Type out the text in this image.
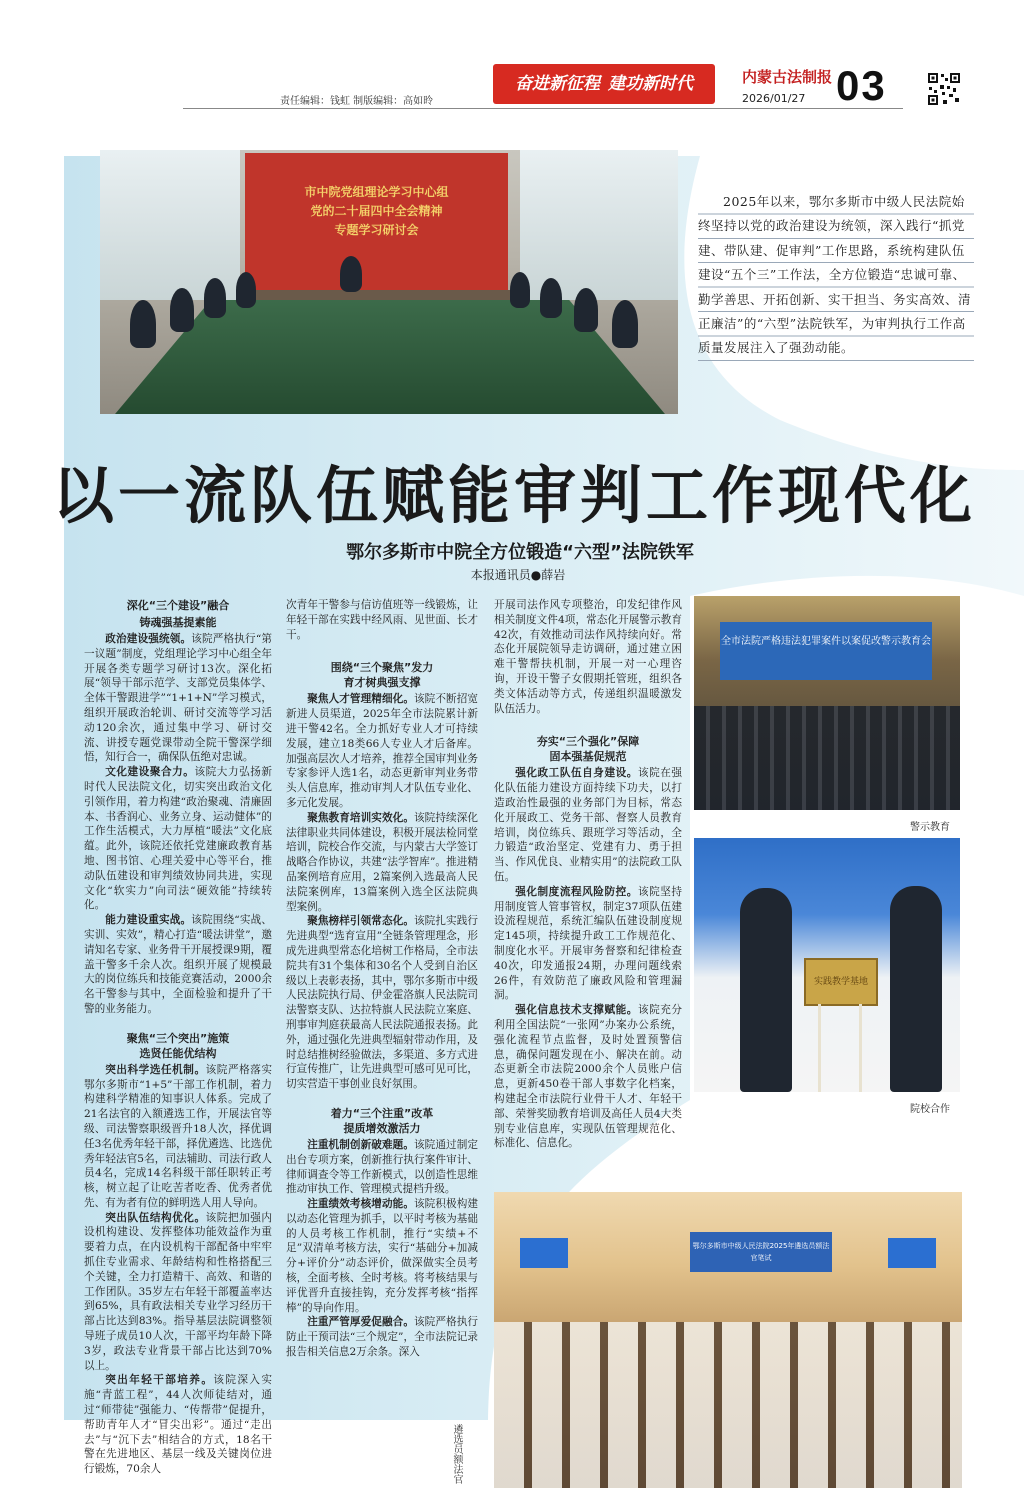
责任编辑：钱虹 制版编辑：高如昤
奋进新征程 建功新时代	内蒙古法制报
2026/01/27 03
市中院党组理论学习中心组
党的二十届四中全会精神
专题学习研讨会
2025年以来，鄂尔多斯市中级人民法院始终坚持以党的政治建设为统领，深入践行“抓党建、带队建、促审判”工作思路，系统构建队伍建设“五个三”工作法，全方位锻造“忠诚可靠、勤学善思、开拓创新、实干担当、务实高效、清正廉洁”的“六型”法院铁军，为审判执行工作高质量发展注入了强劲动能。
以一流队伍赋能审判工作现代化
鄂尔多斯市中院全方位锻造“六型”法院铁军
本报通讯员●薛岩

深化“三个建设”融合

铸魂强基提素能

政治建设强统领。该院严格执行“第一议题”制度，党组理论学习中心组全年开展各类专题学习研讨13次。深化拓展“领导干部示范学、支部党员集体学、全体干警跟进学”“1+1+N”学习模式，组织开展政治轮训、研讨交流等学习活动120余次，通过集中学习、研讨交流、讲授专题党课带动全院干警深学细悟，知行合一，确保队伍绝对忠诚。

文化建设聚合力。该院大力弘扬新时代人民法院文化，切实突出政治文化引领作用，着力构建“政治聚魂、清廉固本、书香润心、业务立身、运动健体”的工作生活模式，大力厚植“暖法”文化底蕴。此外，该院还依托党建廉政教育基地、图书馆、心理关爱中心等平台，推动队伍建设和审判绩效协同共进，实现文化“软实力”向司法“硬效能”持续转化。

能力建设重实战。该院围绕“实战、实训、实效”，精心打造“暖法讲堂”，邀请知名专家、业务骨干开展授课9期，覆盖干警多千余人次。组织开展了规模最大的岗位练兵和技能竞赛活动，2000余名干警参与其中，全面检验和提升了干警的业务能力。

聚焦“三个突出”施策

选贤任能优结构

突出科学选任机制。该院严格落实鄂尔多斯市“1+5”干部工作机制，着力构建科学精准的知事识人体系。完成了21名法官的入额遴选工作，开展法官等级、司法警察职级晋升18人次，择优调任3名优秀年轻干部，择优遴选、比选优秀年轻法官5名，司法辅助、司法行政人员4名，完成14名科级干部任职转正考核，树立起了让吃苦者吃香、优秀者优先、有为者有位的鲜明选人用人导向。

突出队伍结构优化。该院把加强内设机构建设、发挥整体功能效益作为重要着力点，在内设机构干部配备中牢牢抓住专业需求、年龄结构和性格搭配三个关键，全力打造精干、高效、和谐的工作团队。35岁左右年轻干部覆盖率达到65%，具有政法相关专业学习经历干部占比达到83%。指导基层法院调整领导班子成员10人次，干部平均年龄下降3岁，政法专业背景干部占比达到70%以上。

突出年轻干部培养。该院深入实施“青蓝工程”，44人次师徒结对，通过“师带徒”强能力、“传帮带”促提升，帮助青年人才“冒尖出彩”。通过“走出去”与“沉下去”相结合的方式，18名干警在先进地区、基层一线及关键岗位进行锻炼，70余人

次青年干警参与信访值班等一线锻炼，让年轻干部在实践中经风雨、见世面、长才干。

围绕“三个聚焦”发力

育才树典强支撑

聚焦人才管理精细化。该院不断招宽新进人员渠道，2025年全市法院累计新进干警42名。全力抓好专业人才可持续发展，建立18类66人专业人才后备库。加强高层次人才培养，推荐全国审判业务专家参评人选1名，动态更新审判业务带头人信息库，推动审判人才队伍专业化、多元化发展。

聚焦教育培训实效化。该院持续深化法律职业共同体建设，积极开展法检同堂培训，院校合作交流，与内蒙古大学签订战略合作协议，共建“法学智库”。推进精品案例培育应用，2篇案例入选最高人民法院案例库，13篇案例入选全区法院典型案例。

聚焦榜样引领常态化。该院扎实践行先进典型“选育宣用”全链条管理理念，形成先进典型常态化培树工作格局，全市法院共有31个集体和30名个人受到自治区级以上表彰表扬，其中，鄂尔多斯市中级人民法院执行局、伊金霍洛旗人民法院司法警察支队、达拉特旗人民法院立案庭、刑事审判庭获最高人民法院通报表扬。此外，通过强化先进典型辐射带动作用，及时总结推树经验做法，多渠道、多方式进行宣传推广，让先进典型可感可见可比，切实营造干事创业良好氛围。

着力“三个注重”改革

提质增效激活力

注重机制创新破难题。该院通过制定出台专项方案，创新推行执行案件审计、律师调查令等工作新模式，以创造性思维推动审执工作、管理模式提档升级。

注重绩效考核增动能。该院积极构建以动态化管理为抓手，以平时考核为基础的人员考核工作机制，推行“实绩+不足”双清单考核方法，实行“基础分+加减分+评价分”动态评价，做深做实全员考核，全面考核、全时考核。将考核结果与评优晋升直接挂钩，充分发挥考核“指挥棒”的导向作用。

注重严管厚爱促融合。该院严格执行防止干预司法“三个规定”，全市法院记录报告相关信息2万余条。深入

开展司法作风专项整治，印发纪律作风相关制度文件4项，常态化开展警示教育42次，有效推动司法作风持续向好。常态化开展院领导走访调研，通过建立困难干警帮扶机制，开展一对一心理咨询，开设干警子女假期托管班，组织各类文体活动等方式，传递组织温暖激发队伍活力。

夯实“三个强化”保障

固本强基促规范

强化政工队伍自身建设。该院在强化队伍能力建设方面持续下功夫，以打造政治性最强的业务部门为目标，常态化开展政工、党务干部、督察人员教育培训，岗位练兵、跟班学习等活动，全力锻造“政治坚定、党建有力、勇于担当、作风优良、业精实用”的法院政工队伍。

强化制度流程风险防控。该院坚持用制度管人管事管权，制定37项队伍建设流程规范，系统汇编队伍建设制度规定145项，持续提升政工工作规范化、制度化水平。开展审务督察和纪律检查40次，印发通报24期，办理问题线索26件，有效防范了廉政风险和管理漏洞。

强化信息技术支撑赋能。该院充分利用全国法院“一张网”办案办公系统，强化流程节点监督，及时处置预警信息，确保问题发现在小、解决在前。动态更新全市法院2000余个人员账户信息，更新450卷干部人事数字化档案，构建起全市法院行业骨干人才、年轻干部、荣誉奖励教育培训及高任人员4大类别专业信息库，实现队伍管理规范化、标准化、信息化。

全市法院严格违法犯罪案件以案促改警示教育会
警示教育
实践教学基地
院校合作
鄂尔多斯市中级人民法院2025年遴选员额法官笔试
遴选员额法官
